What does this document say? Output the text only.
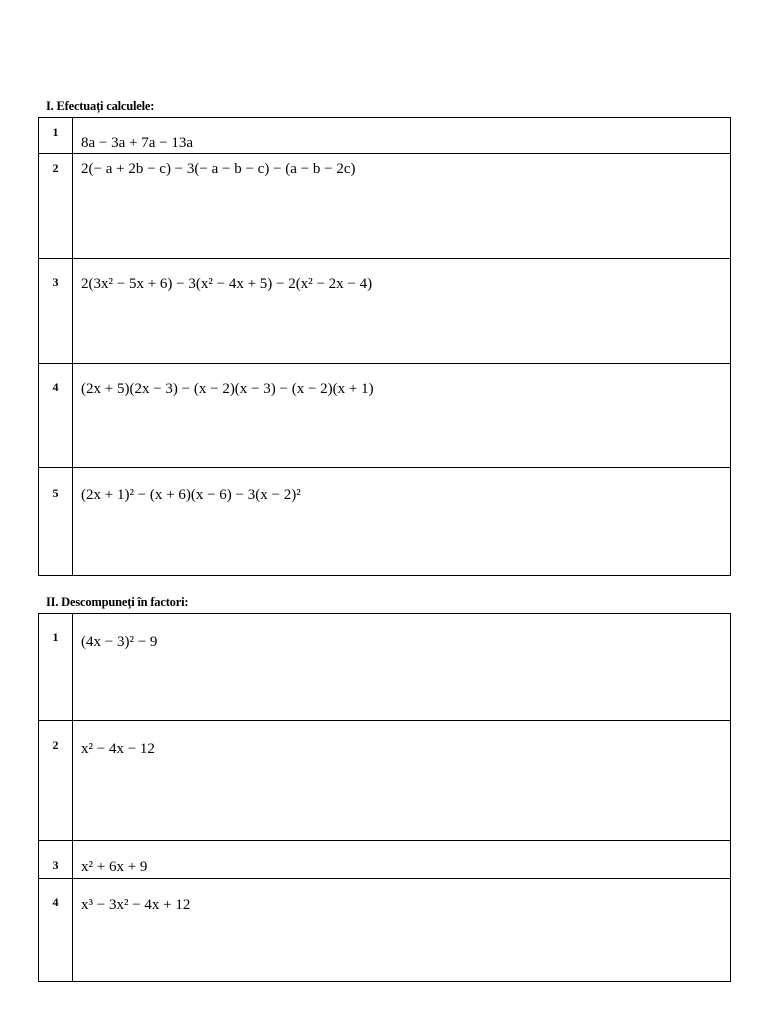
I. Efectuați calculele:
1	8a − 3a + 7a − 13a
2	2(− a + 2b − c) − 3(− a − b − c) − (a − b − 2c)
3	2(3x² − 5x + 6) − 3(x² − 4x + 5) − 2(x² − 2x − 4)
4	(2x + 5)(2x − 3) − (x − 2)(x − 3) − (x − 2)(x + 1)
5	(2x + 1)² − (x + 6)(x − 6) − 3(x − 2)²
II. Descompuneți în factori:
1	(4x − 3)² − 9
2	x² − 4x − 12
3	x² + 6x + 9
4	x³ − 3x² − 4x + 12
